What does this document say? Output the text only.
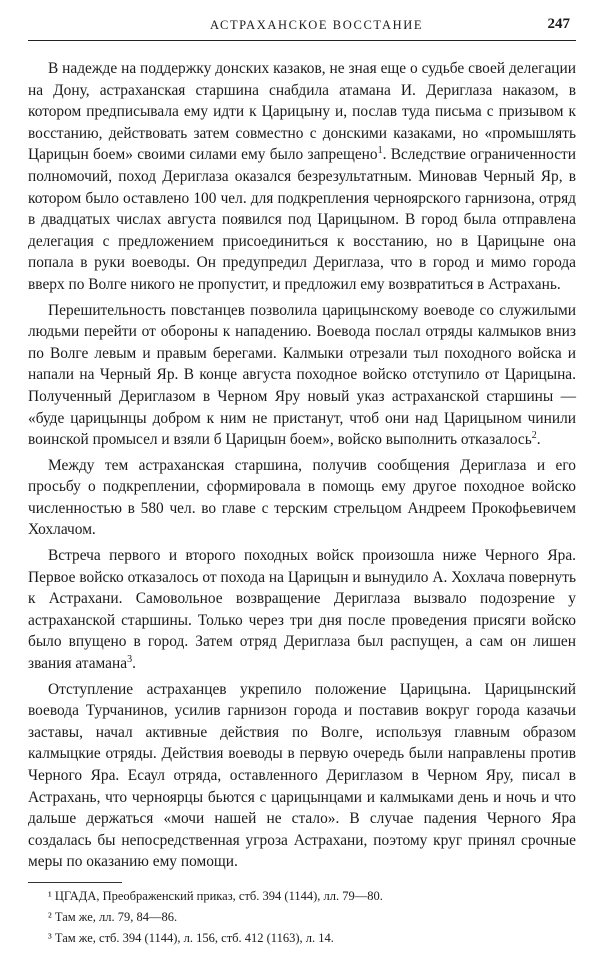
АСТРАХАНСКОЕ ВОССТАНИЕ	247

В надежде на поддержку донских казаков, не зная еще о судьбе своей делегации на Дону, астраханская старшина снабдила атамана И. Дериглаза наказом, в котором предписывала ему идти к Царицыну и, послав туда письма с призывом к восстанию, действовать затем совместно с донскими казаками, но «промышлять Царицын боем» своими силами ему было запрещено$^1$. Вследствие ограниченности полномочий, поход Дериглаза оказался безрезультатным. Миновав Черный Яр, в котором было оставлено 100 чел. для подкрепления черноярского гарнизона, отряд в двадцатых числах августа появился под Царицыном. В город была отправлена делегация с предложением присоединиться к восстанию, но в Царицыне она попала в руки воеводы. Он предупредил Дериглаза, что в город и мимо города вверх по Волге никого не пропустит, и предложил ему возвратиться в Астрахань.

Перешительность повстанцев позволила царицынскому воеводе со служилыми людьми перейти от обороны к нападению. Воевода послал отряды калмыков вниз по Волге левым и правым берегами. Калмыки отрезали тыл походного войска и напали на Черный Яр. В конце августа походное войско отступило от Царицына. Полученный Дериглазом в Черном Яру новый указ астраханской старшины — «буде царицынцы добром к ним не пристанут, чтоб они над Царицыном чинили воинской промысел и взяли б Царицын боем», войско выполнить отказалось$^2$.

Между тем астраханская старшина, получив сообщения Дериглаза и его просьбу о подкреплении, сформировала в помощь ему другое походное войско численностью в 580 чел. во главе с терским стрельцом Андреем Прокофьевичем Хохлачом.

Встреча первого и второго походных войск произошла ниже Черного Яра. Первое войско отказалось от похода на Царицын и вынудило А. Хохлача повернуть к Астрахани. Самовольное возвращение Дериглаза вызвало подозрение у астраханской старшины. Только через три дня после проведения присяги войско было впущено в город. Затем отряд Дериглаза был распущен, а сам он лишен звания атамана$^3$.

Отступление астраханцев укрепило положение Царицына. Царицынский воевода Турчанинов, усилив гарнизон города и поставив вокруг города казачьи заставы, начал активные действия по Волге, используя главным образом калмыцкие отряды. Действия воеводы в первую очередь были направлены против Черного Яра. Есаул отряда, оставленного Дериглазом в Черном Яру, писал в Астрахань, что черноярцы бьются с царицынцами и калмыками день и ночь и что дальше держаться «мочи нашей не стало». В случае падения Черного Яра создалась бы непосредственная угроза Астрахани, поэтому круг принял срочные меры по оказанию ему помощи.

¹ ЦГАДА, Преображенский приказ, стб. 394 (1144), лл. 79—80.
² Там же, лл. 79, 84—86.
³ Там же, стб. 394 (1144), л. 156, стб. 412 (1163), л. 14.
